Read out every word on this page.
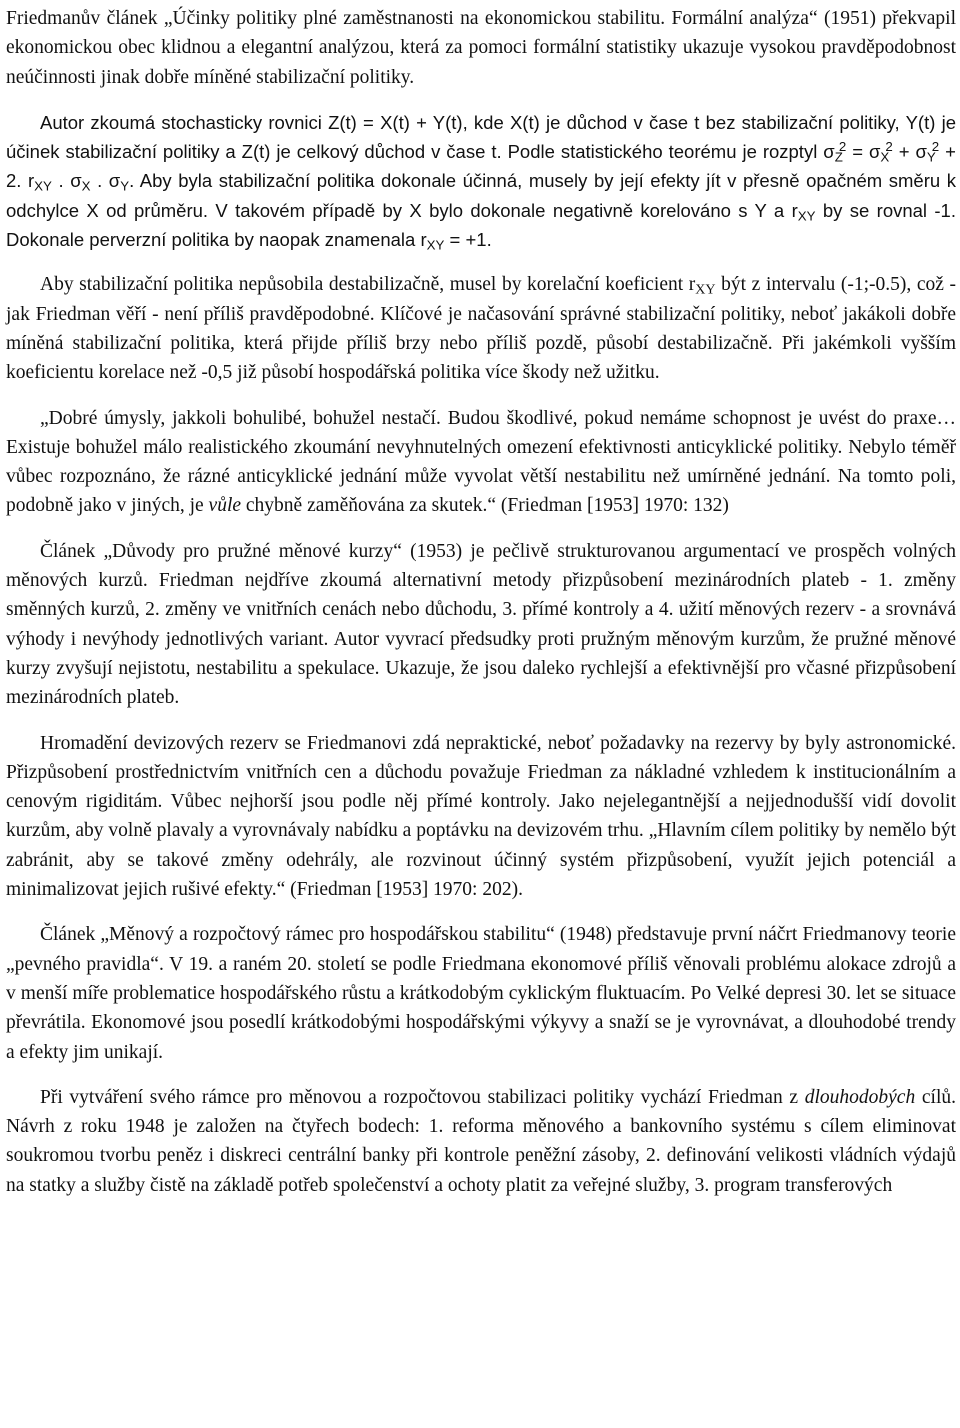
Friedmanův článek „Účinky politiky plné zaměstnanosti na ekonomickou stabilitu. Formální analýza“ (1951) překvapil ekonomickou obec klidnou a elegantní analýzou, která za pomoci formální statistiky ukazuje vysokou pravděpodobnost neúčinnosti jinak dobře míněné stabilizační politiky.

Autor zkoumá stochasticky rovnici Z(t) = X(t) + Y(t), kde X(t) je důchod v čase t bez stabilizační politiky, Y(t) je účinek stabilizační politiky a Z(t) je celkový důchod v čase t. Podle statistického teorému je rozptyl $\sigma Z^2 = \sigma X^2 + \sigma Y^2 + 2$. rXY . σX . σY. Aby byla stabilizační politika dokonale účinná, musely by její efekty jít v přesně opačném směru k odchylce X od průměru. V takovém případě by X bylo dokonale negativně korelováno s Y a rXY by se rovnal -1. Dokonale perverzní politika by naopak znamenala rXY = +1.

Aby stabilizační politika nepůsobila destabilizačně, musel by korelační koeficient rXY být z intervalu (-1;-0.5), což - jak Friedman věří - není příliš pravděpodobné. Klíčové je načasování správné stabilizační politiky, neboť jakákoli dobře míněná stabilizační politika, která přijde příliš brzy nebo příliš pozdě, působí destabilizačně. Při jakémkoli vyšším koeficientu korelace než -0,5 již působí hospodářská politika více škody než užitku.

„Dobré úmysly, jakkoli bohulibé, bohužel nestačí. Budou škodlivé, pokud nemáme schopnost je uvést do praxe… Existuje bohužel málo realistického zkoumání nevyhnutelných omezení efektivnosti anticyklické politiky. Nebylo téměř vůbec rozpoznáno, že rázné anticyklické jednání může vyvolat větší nestabilitu než umírněné jednání. Na tomto poli, podobně jako v jiných, je vůle chybně zaměňována za skutek.“ (Friedman [1953] 1970: 132)

Článek „Důvody pro pružné měnové kurzy“ (1953) je pečlivě strukturovanou argumentací ve prospěch volných měnových kurzů. Friedman nejdříve zkoumá alternativní metody přizpůsobení mezinárodních plateb - 1. změny směnných kurzů, 2. změny ve vnitřních cenách nebo důchodu, 3. přímé kontroly a 4. užití měnových rezerv - a srovnává výhody i nevýhody jednotlivých variant. Autor vyvrací předsudky proti pružným měnovým kurzům, že pružné měnové kurzy zvyšují nejistotu, nestabilitu a spekulace. Ukazuje, že jsou daleko rychlejší a efektivnější pro včasné přizpůsobení mezinárodních plateb.

Hromadění devizových rezerv se Friedmanovi zdá nepraktické, neboť požadavky na rezervy by byly astronomické. Přizpůsobení prostřednictvím vnitřních cen a důchodu považuje Friedman za nákladné vzhledem k institucionálním a cenovým rigiditám. Vůbec nejhorší jsou podle něj přímé kontroly. Jako nejelegantnější a nejjednodušší vidí dovolit kurzům, aby volně plavaly a vyrovnávaly nabídku a poptávku na devizovém trhu. „Hlavním cílem politiky by nemělo být zabránit, aby se takové změny odehrály, ale rozvinout účinný systém přizpůsobení, využít jejich potenciál a minimalizovat jejich rušivé efekty.“ (Friedman [1953] 1970: 202).

Článek „Měnový a rozpočtový rámec pro hospodářskou stabilitu“ (1948) představuje první náčrt Friedmanovy teorie „pevného pravidla“. V 19. a raném 20. století se podle Friedmana ekonomové příliš věnovali problému alokace zdrojů a v menší míře problematice hospodářského růstu a krátkodobým cyklickým fluktuacím. Po Velké depresi 30. let se situace převrátila. Ekonomové jsou posedlí krátkodobými hospodářskými výkyvy a snaží se je vyrovnávat, a dlouhodobé trendy a efekty jim unikají.

Při vytváření svého rámce pro měnovou a rozpočtovou stabilizaci politiky vychází Friedman z dlouhodobých cílů. Návrh z roku 1948 je založen na čtyřech bodech: 1. reforma měnového a bankovního systému s cílem eliminovat soukromou tvorbu peněz i diskreci centrální banky při kontrole peněžní zásoby, 2. definování velikosti vládních výdajů na statky a služby čistě na základě potřeb společenství a ochoty platit za veřejné služby, 3. program transferových
